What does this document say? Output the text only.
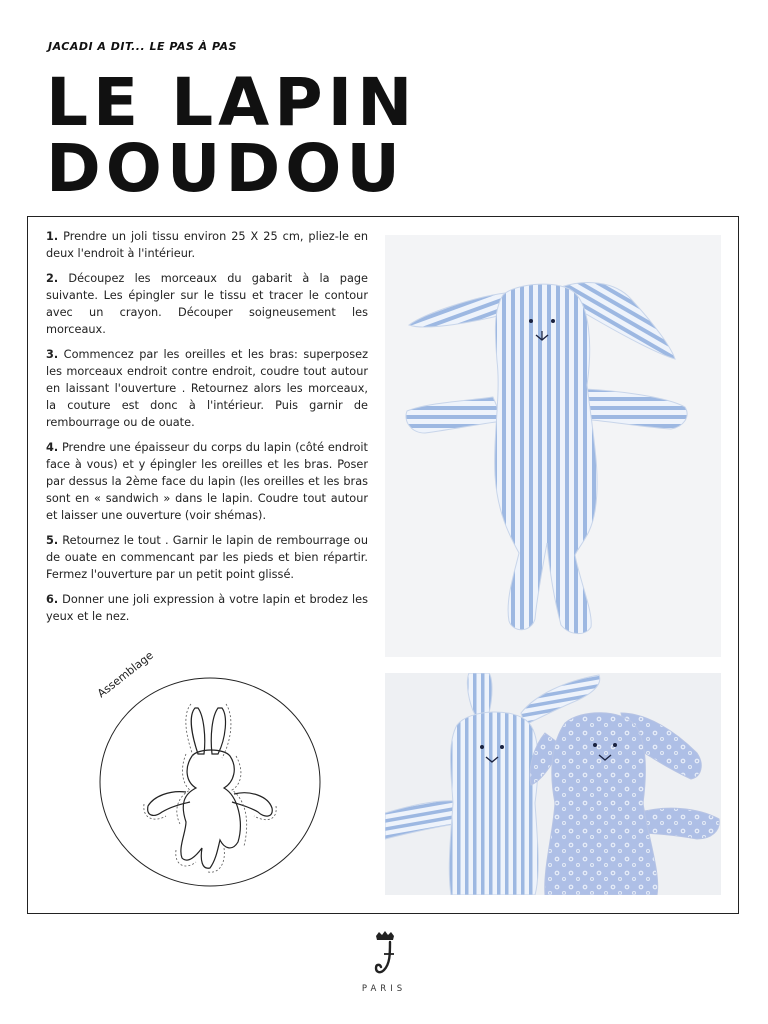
JACADI A DIT... LE PAS À PAS
LE LAPIN DOUDOU

1. Prendre un joli tissu environ 25 X 25 cm, pliez-le en deux l'endroit à l'intérieur.

2. Découpez les morceaux du gabarit à la page suivante. Les épingler sur le tissu et tracer le contour avec un crayon. Découper soigneusement les morceaux.

3. Commencez par les oreilles et les bras: superposez les morceaux endroit contre endroit, coudre tout autour en laissant l'ouverture . Retournez alors les morceaux, la couture est donc à l'intérieur. Puis garnir de rembourrage ou de ouate.

4. Prendre une épaisseur du corps du lapin (côté endroit face à vous) et y épingler les oreilles et les bras. Poser par dessus la 2ème face du lapin (les oreilles et les bras sont en « sandwich » dans le lapin. Coudre tout autour et laisser une ouverture (voir shémas).

5. Retournez le tout . Garnir le lapin de rembourrage ou de ouate en commencant par les pieds et bien répartir. Fermez l'ouverture par un petit point glissé.

6. Donner une joli expression à votre lapin et brodez les yeux et le nez.

Assemblage
PARIS
